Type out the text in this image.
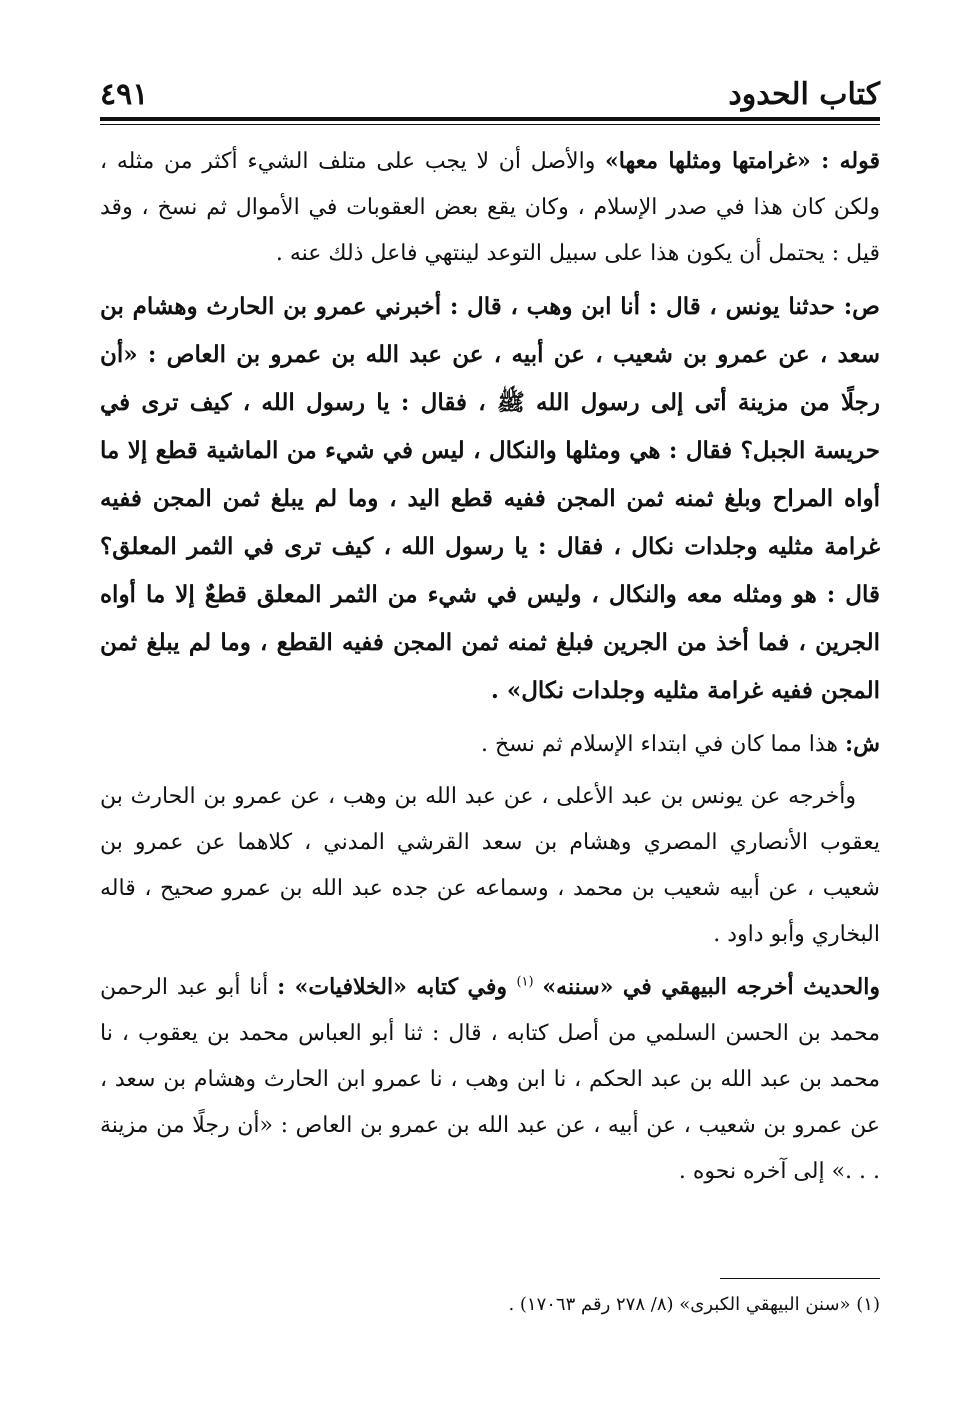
٤٩١	كتاب الحدود

قوله : «غرامتها ومثلها معها» والأصل أن لا يجب على متلف الشيء أكثر من مثله ، ولكن كان هذا في صدر الإسلام ، وكان يقع بعض العقوبات في الأموال ثم نسخ ، وقد قيل : يحتمل أن يكون هذا على سبيل التوعد لينتهي فاعل ذلك عنه .

ص: حدثنا يونس ، قال : أنا ابن وهب ، قال : أخبرني عمرو بن الحارث وهشام بن سعد ، عن عمرو بن شعيب ، عن أبيه ، عن عبد الله بن عمرو بن العاص : «أن رجلًا من مزينة أتى إلى رسول الله ﷺ ، فقال : يا رسول الله ، كيف ترى في حريسة الجبل؟ فقال : هي ومثلها والنكال ، ليس في شيء من الماشية قطع إلا ما أواه المراح وبلغ ثمنه ثمن المجن ففيه قطع اليد ، وما لم يبلغ ثمن المجن ففيه غرامة مثليه وجلدات نكال ، فقال : يا رسول الله ، كيف ترى في الثمر المعلق؟ قال : هو ومثله معه والنكال ، وليس في شيء من الثمر المعلق قطعٌ إلا ما أواه الجرين ، فما أخذ من الجرين فبلغ ثمنه ثمن المجن ففيه القطع ، وما لم يبلغ ثمن المجن ففيه غرامة مثليه وجلدات نكال» .

ش: هذا مما كان في ابتداء الإسلام ثم نسخ .

وأخرجه عن يونس بن عبد الأعلى ، عن عبد الله بن وهب ، عن عمرو بن الحارث بن يعقوب الأنصاري المصري وهشام بن سعد القرشي المدني ، كلاهما عن عمرو بن شعيب ، عن أبيه شعيب بن محمد ، وسماعه عن جده عبد الله بن عمرو صحيح ، قاله البخاري وأبو داود .

والحديث أخرجه البيهقي في «سننه» $^{(١)}$ وفي كتابه «الخلافيات» : أنا أبو عبد الرحمن محمد بن الحسن السلمي من أصل كتابه ، قال : ثنا أبو العباس محمد بن يعقوب ، نا محمد بن عبد الله بن عبد الحكم ، نا ابن وهب ، نا عمرو ابن الحارث وهشام بن سعد ، عن عمرو بن شعيب ، عن أبيه ، عن عبد الله بن عمرو بن العاص : «أن رجلًا من مزينة . . .» إلى آخره نحوه .

(١) «سنن البيهقي الكبرى» (٨/ ٢٧٨ رقم ١٧٠٦٣) .
